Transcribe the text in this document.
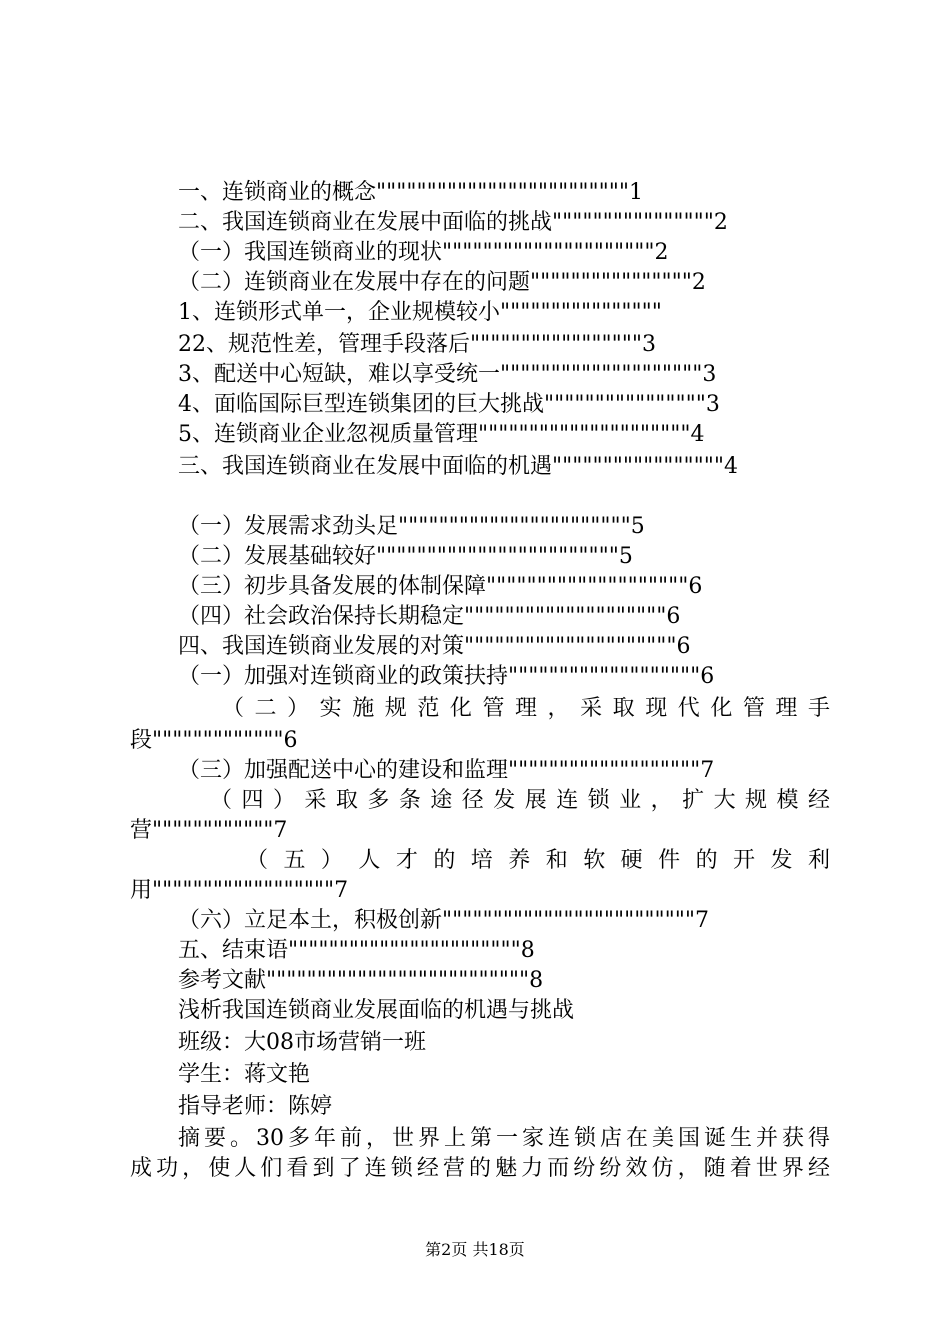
一、连锁商业的概念"""""""""""""""""""""""""1
二、我国连锁商业在发展中面临的挑战""""""""""""""""2
（一）我国连锁商业的现状"""""""""""""""""""""2
（二）连锁商业在发展中存在的问题""""""""""""""""2
1、连锁形式单一，企业规模较小""""""""""""""""
22、规范性差，管理手段落后"""""""""""""""""3
3、配送中心短缺，难以享受统一""""""""""""""""""""3
4、面临国际巨型连锁集团的巨大挑战""""""""""""""""3
5、连锁商业企业忽视质量管理"""""""""""""""""""""4
三、我国连锁商业在发展中面临的机遇"""""""""""""""""4
（一）发展需求劲头足"""""""""""""""""""""""5
（二）发展基础较好""""""""""""""""""""""""5
（三）初步具备发展的体制保障""""""""""""""""""""6
（四）社会政治保持长期稳定""""""""""""""""""""6
四、我国连锁商业发展的对策"""""""""""""""""""""6
（一）加强对连锁商业的政策扶持"""""""""""""""""""6
（二）实施规范化管理，采取现代化管理手
段"""""""""""""6
（三）加强配送中心的建设和监理"""""""""""""""""""7
（四）采取多条途径发展连锁业，扩大规模经
营""""""""""""7
（五）人才的培养和软硬件的开发利
用""""""""""""""""""7
（六）立足本土，积极创新"""""""""""""""""""""""""7
五、结束语"""""""""""""""""""""""8
参考文献""""""""""""""""""""""""""8
浅析我国连锁商业发展面临的机遇与挑战
班级：大08市场营销一班
学生：蒋文艳
指导老师：陈婷
摘要。30多年前，世界上第一家连锁店在美国诞生并获得
成功，使人们看到了连锁经营的魅力而纷纷效仿，随着世界经
第2页 共18页
